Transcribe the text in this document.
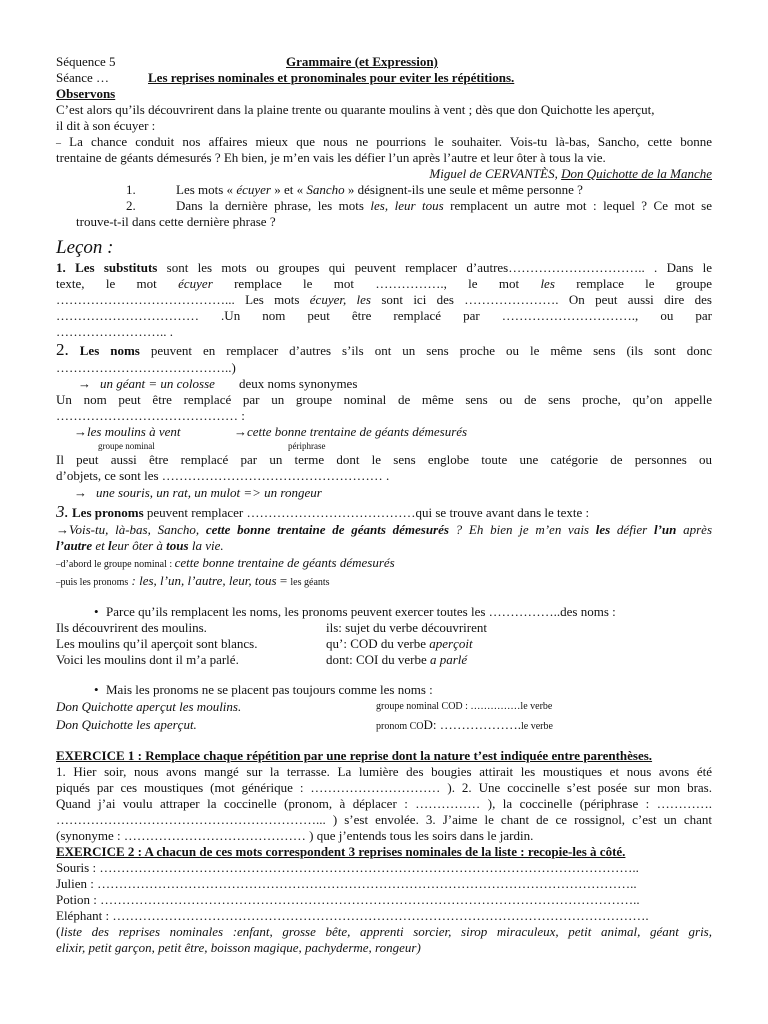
Séquence 5	Grammaire (et Expression)
Séance …	Les reprises nominales et pronominales pour eviter les répétitions.
Observons
C’est alors qu’ils découvrirent dans la plaine trente ou quarante moulins à vent ; dès que don Quichotte les aperçut,
il dit à son écuyer :
– La chance conduit nos affaires mieux que nous ne pourrions le souhaiter. Vois-tu là-bas, Sancho, cette bonne
trentaine de géants démesurés ? Eh bien, je m’en vais les défier l’un après l’autre et leur ôter à tous la vie.
Miguel de CERVANTÈS, Don Quichotte de la Manche
1.	Les mots « écuyer » et « Sancho » désignent-ils une seule et même personne ?
2.	Dans la dernière phrase, les mots les, leur tous remplacent un autre mot : lequel ? Ce mot se
trouve-t-il dans cette dernière phrase ?
Leçon :
1. Les substituts sont les mots ou groupes qui peuvent remplacer d’autres………………………….. . Dans le
texte, le mot écuyer remplace le mot ……………., le mot les remplace le groupe
…………………………………... Les mots écuyer, les sont ici des …………………. On peut aussi dire des
…………………………… .Un nom peut être remplacé par …………………………., ou par
…………………….. .
2. Les noms peuvent en remplacer d’autres s’ils ont un sens proche ou le même sens (ils sont donc
…………………………………..)
→ un géant = un colosse deux noms synonymes
Un nom peut être remplacé par un groupe nominal de même sens ou de sens proche, qu’on appelle
…………………………………… :
→les moulins à vent	→cette bonne trentaine de géants démesurés
groupe nominal	périphrase
Il peut aussi être remplacé par un terme dont le sens englobe toute une catégorie de personnes ou
d’objets, ce sont les …………………………………………… .
→ une souris, un rat, un mulot => un rongeur
3. Les pronoms peuvent remplacer …………………………………qui se trouve avant dans le texte :
→Vois-tu, là-bas, Sancho, cette bonne trentaine de géants démesurés ? Eh bien je m’en vais les défier l’un après
l’autre et leur ôter à tous la vie.
–d’abord le groupe nominal : cette bonne trentaine de géants démesurés
–puis les pronoms : les, l’un, l’autre, leur, tous = les géants
• Parce qu’ils remplacent les noms, les pronoms peuvent exercer toutes les ……………..des noms :
Ils découvrirent des moulins.	ils: sujet du verbe découvrirent
Les moulins qu’il aperçoit sont blancs.	qu’: COD du verbe aperçoit
Voici les moulins dont il m’a parlé.	dont: COI du verbe a parlé
• Mais les pronoms ne se placent pas toujours comme les noms :
Don Quichotte aperçut les moulins.	groupe nominal COD : ……………le verbe
Don Quichotte les aperçut.	pronom COD: ……………….le verbe
EXERCICE 1 : Remplace chaque répétition par une reprise dont la nature t’est indiquée entre parenthèses.
1. Hier soir, nous avons mangé sur la terrasse. La lumière des bougies attirait les moustiques et nous avons été
piqués par ces moustiques (mot générique : ………………………… ). 2. Une coccinelle s’est posée sur mon bras.
Quand j’ai voulu attraper la coccinelle (pronom, à déplacer : …………… ), la coccinelle (périphrase : ………….
……………………………………………………... ) s’est envolée. 3. J’aime le chant de ce rossignol, c’est un chant
(synonyme : …………………………………… ) que j’entends tous les soirs dans le jardin.
EXERCICE 2 : A chacun de ces mots correspondent 3 reprises nominales de la liste : recopie-les à côté.
Souris : ……………………………………………………………………………………………………………..
Julien : ……………………………………………………………………………………………………………..
Potion : ……………………………………………………………………………………………………………..
Eléphant : …………………………………………………………………………………………………………….
(liste des reprises nominales :enfant, grosse bête, apprenti sorcier, sirop miraculeux, petit animal, géant gris,
elixir, petit garçon, petit être, boisson magique, pachyderme, rongeur)
